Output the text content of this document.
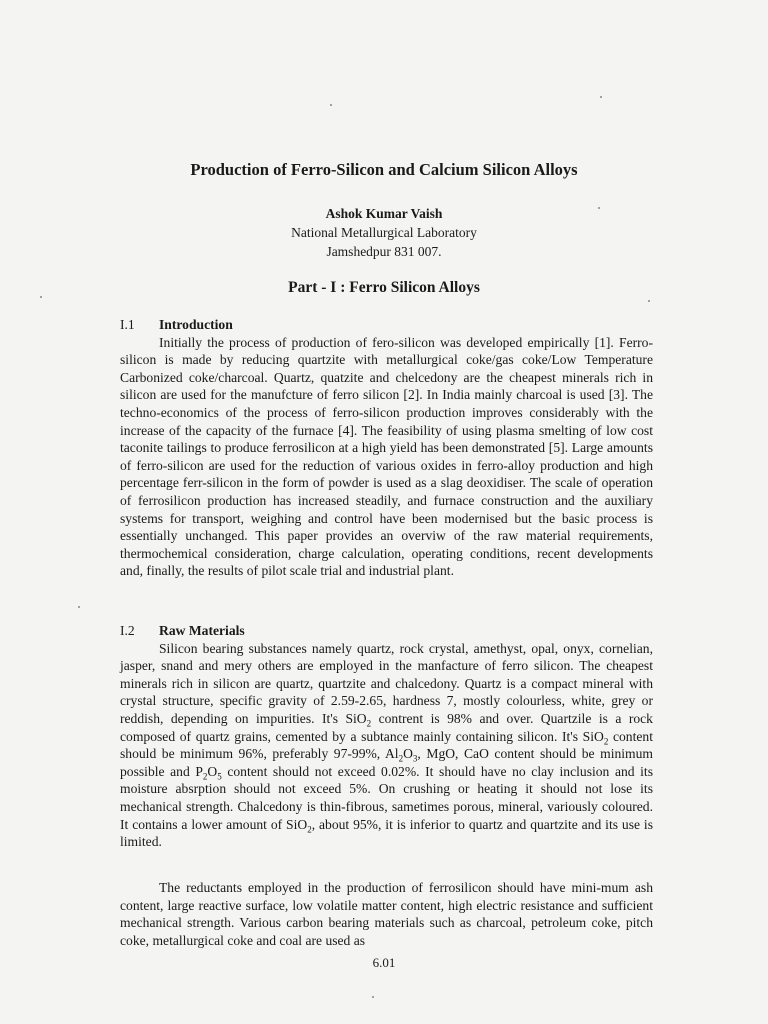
Production of Ferro-Silicon and Calcium Silicon Alloys
Ashok Kumar Vaish
National Metallurgical Laboratory
Jamshedpur 831 007.
Part - I : Ferro Silicon Alloys
I.1	Introduction

Initially the process of production of fero-silicon was developed empirically [1]. Ferro-silicon is made by reducing quartzite with metallurgical coke/gas coke/Low Temperature Carbonized coke/charcoal. Quartz, quatzite and chelcedony are the cheapest minerals rich in silicon are used for the manufcture of ferro silicon [2]. In India mainly charcoal is used [3]. The techno-economics of the process of ferro-silicon production improves considerably with the increase of the capacity of the furnace [4]. The feasibility of using plasma smelting of low cost taconite tailings to produce ferrosilicon at a high yield has been demonstrated [5]. Large amounts of ferro-silicon are used for the reduction of various oxides in ferro-alloy production and high percentage ferr-silicon in the form of powder is used as a slag deoxidiser. The scale of operation of ferrosilicon production has increased steadily, and furnace construction and the auxiliary systems for transport, weighing and control have been modernised but the basic process is essentially unchanged. This paper provides an overviw of the raw material requirements, thermochemical consideration, charge calculation, operating conditions, recent developments and, finally, the results of pilot scale trial and industrial plant.

I.2	Raw Materials

Silicon bearing substances namely quartz, rock crystal, amethyst, opal, onyx, cornelian, jasper, snand and mery others are employed in the manfacture of ferro silicon. The cheapest minerals rich in silicon are quartz, quartzite and chalcedony. Quartz is a compact mineral with crystal structure, specific gravity of 2.59-2.65, hardness 7, mostly colourless, white, grey or reddish, depending on impurities. It's SiO$_2$ contrent is 98% and over. Quartzile is a rock composed of quartz grains, cemented by a subtance mainly containing silicon. It's SiO$_2$ content should be minimum 96%, preferably 97-99%, $Al_2O_3$, MgO, CaO content should be minimum possible and $P_2O_5$ content should not exceed 0.02%. It should have no clay inclusion and its moisture absrption should not exceed 5%. On crushing or heating it should not lose its mechanical strength. Chalcedony is thin-fibrous, sametimes porous, mineral, variously coloured. It contains a lower amount of SiO$_2$, about 95%, it is inferior to quartz and quartzite and its use is limited.

The reductants employed in the production of ferrosilicon should have mini-mum ash content, large reactive surface, low volatile matter content, high electric resistance and sufficient mechanical strength. Various carbon bearing materials such as charcoal, petroleum coke, pitch coke, metallurgical coke and coal are used as

6.01
